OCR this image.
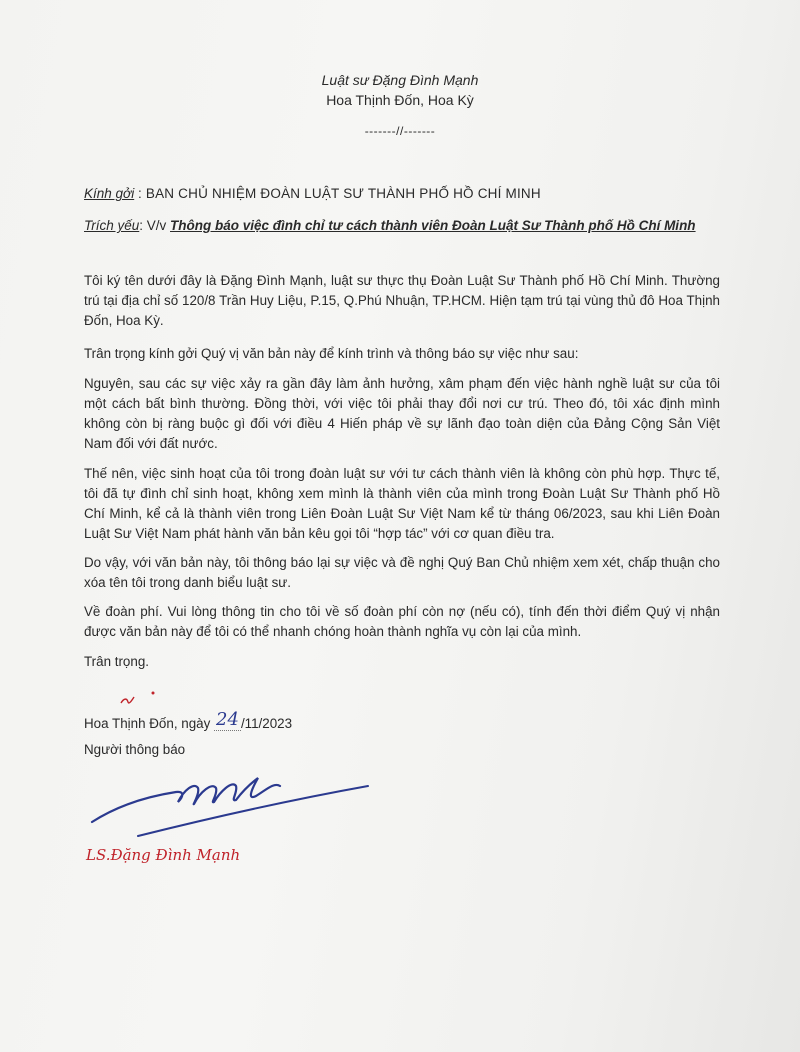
Luật sư Đặng Đình Mạnh
Hoa Thịnh Đốn, Hoa Kỳ
-------//-------
Kính gởi : BAN CHỦ NHIỆM ĐOÀN LUẬT SƯ THÀNH PHỐ HỒ CHÍ MINH
Trích yếu: V/v Thông báo việc đình chỉ tư cách thành viên Đoàn Luật Sư Thành phố Hồ Chí Minh
Tôi ký tên dưới đây là Đặng Đình Mạnh, luật sư thực thụ Đoàn Luật Sư Thành phố Hồ Chí Minh. Thường trú tại địa chỉ số 120/8 Trần Huy Liệu, P.15, Q.Phú Nhuận, TP.HCM. Hiện tạm trú tại vùng thủ đô Hoa Thịnh Đốn, Hoa Kỳ.
Trân trọng kính gởi Quý vị văn bản này để kính trình và thông báo sự việc như sau:
Nguyên, sau các sự việc xảy ra gần đây làm ảnh hưởng, xâm phạm đến việc hành nghề luật sư của tôi một cách bất bình thường. Đồng thời, với việc tôi phải thay đổi nơi cư trú. Theo đó, tôi xác định mình không còn bị ràng buộc gì đối với điều 4 Hiến pháp về sự lãnh đạo toàn diện của Đảng Cộng Sản Việt Nam đối với đất nước.
Thế nên, việc sinh hoạt của tôi trong đoàn luật sư với tư cách thành viên là không còn phù hợp. Thực tế, tôi đã tự đình chỉ sinh hoạt, không xem mình là thành viên của mình trong Đoàn Luật Sư Thành phố Hồ Chí Minh, kể cả là thành viên trong Liên Đoàn Luật Sư Việt Nam kể từ tháng 06/2023, sau khi Liên Đoàn Luật Sư Việt Nam phát hành văn bản kêu gọi tôi “hợp tác” với cơ quan điều tra.
Do vậy, với văn bản này, tôi thông báo lại sự việc và đề nghị Quý Ban Chủ nhiệm xem xét, chấp thuận cho xóa tên tôi trong danh biểu luật sư.
Về đoàn phí. Vui lòng thông tin cho tôi về số đoàn phí còn nợ (nếu có), tính đến thời điểm Quý vị nhận được văn bản này để tôi có thể nhanh chóng hoàn thành nghĩa vụ còn lại của mình.
Trân trọng.
Hoa Thịnh Đốn, ngày 24 /11/2023
Người thông báo
LS.Đặng Đình Mạnh
